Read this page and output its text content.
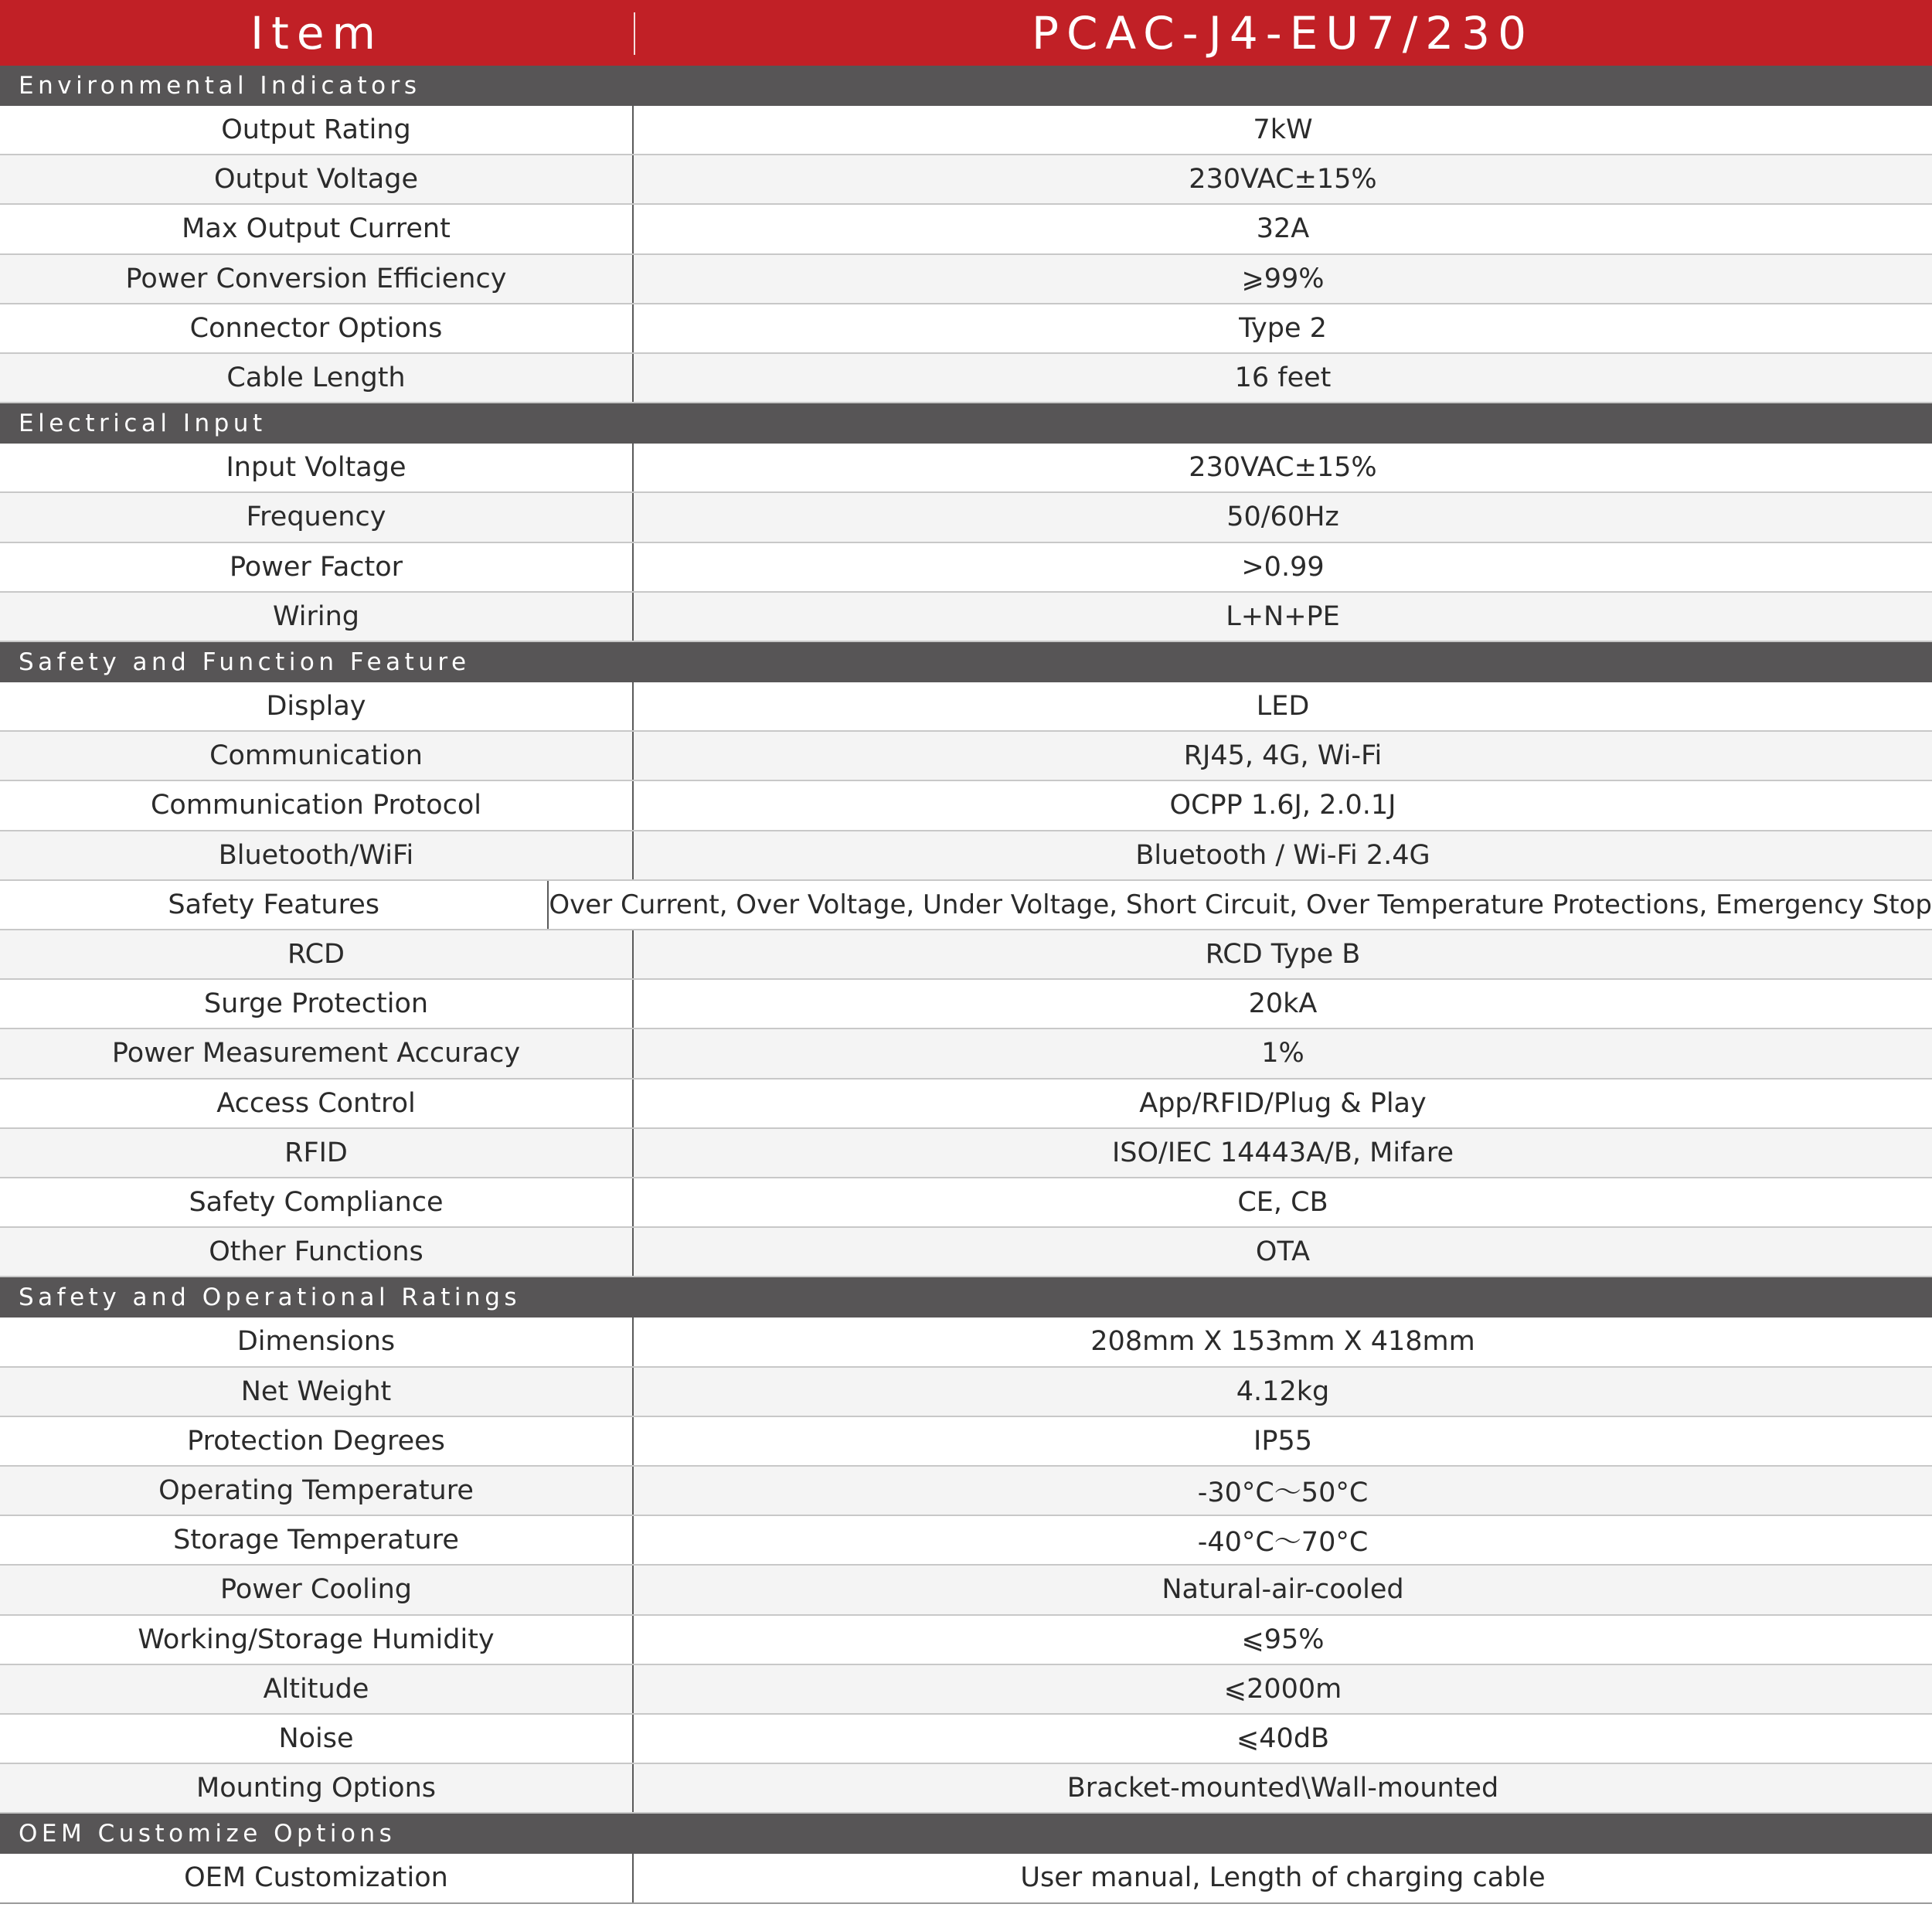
Item	PCAC-J4-EU7/230
Environmental Indicators
Output Rating	7kW
Output Voltage	230VAC±15%
Max Output Current	32A
Power Conversion Efficiency	⩾99%
Connector Options	Type 2
Cable Length	16 feet
Electrical Input
Input Voltage	230VAC±15%
Frequency	50/60Hz
Power Factor	>0.99
Wiring	L+N+PE
Safety and Function Feature
Display	LED
Communication	RJ45, 4G, Wi-Fi
Communication Protocol	OCPP 1.6J, 2.0.1J
Bluetooth/WiFi	Bluetooth / Wi-Fi 2.4G
Safety Features	Over Current, Over Voltage, Under Voltage, Short Circuit, Over Temperature Protections, Emergency Stop
RCD	RCD Type B
Surge Protection	20kA
Power Measurement Accuracy	1%
Access Control	App/RFID/Plug & Play
RFID	ISO/IEC 14443A/B, Mifare
Safety Compliance	CE, CB
Other Functions	OTA
Safety and Operational Ratings
Dimensions	208mm X 153mm X 418mm
Net Weight	4.12kg
Protection Degrees	IP55
Operating Temperature	-30°C～50°C
Storage Temperature	-40°C～70°C
Power Cooling	Natural-air-cooled
Working/Storage Humidity	⩽95%
Altitude	⩽2000m
Noise	⩽40dB
Mounting Options	Bracket-mounted\Wall-mounted
OEM Customize Options
OEM Customization	User manual, Length of charging cable
